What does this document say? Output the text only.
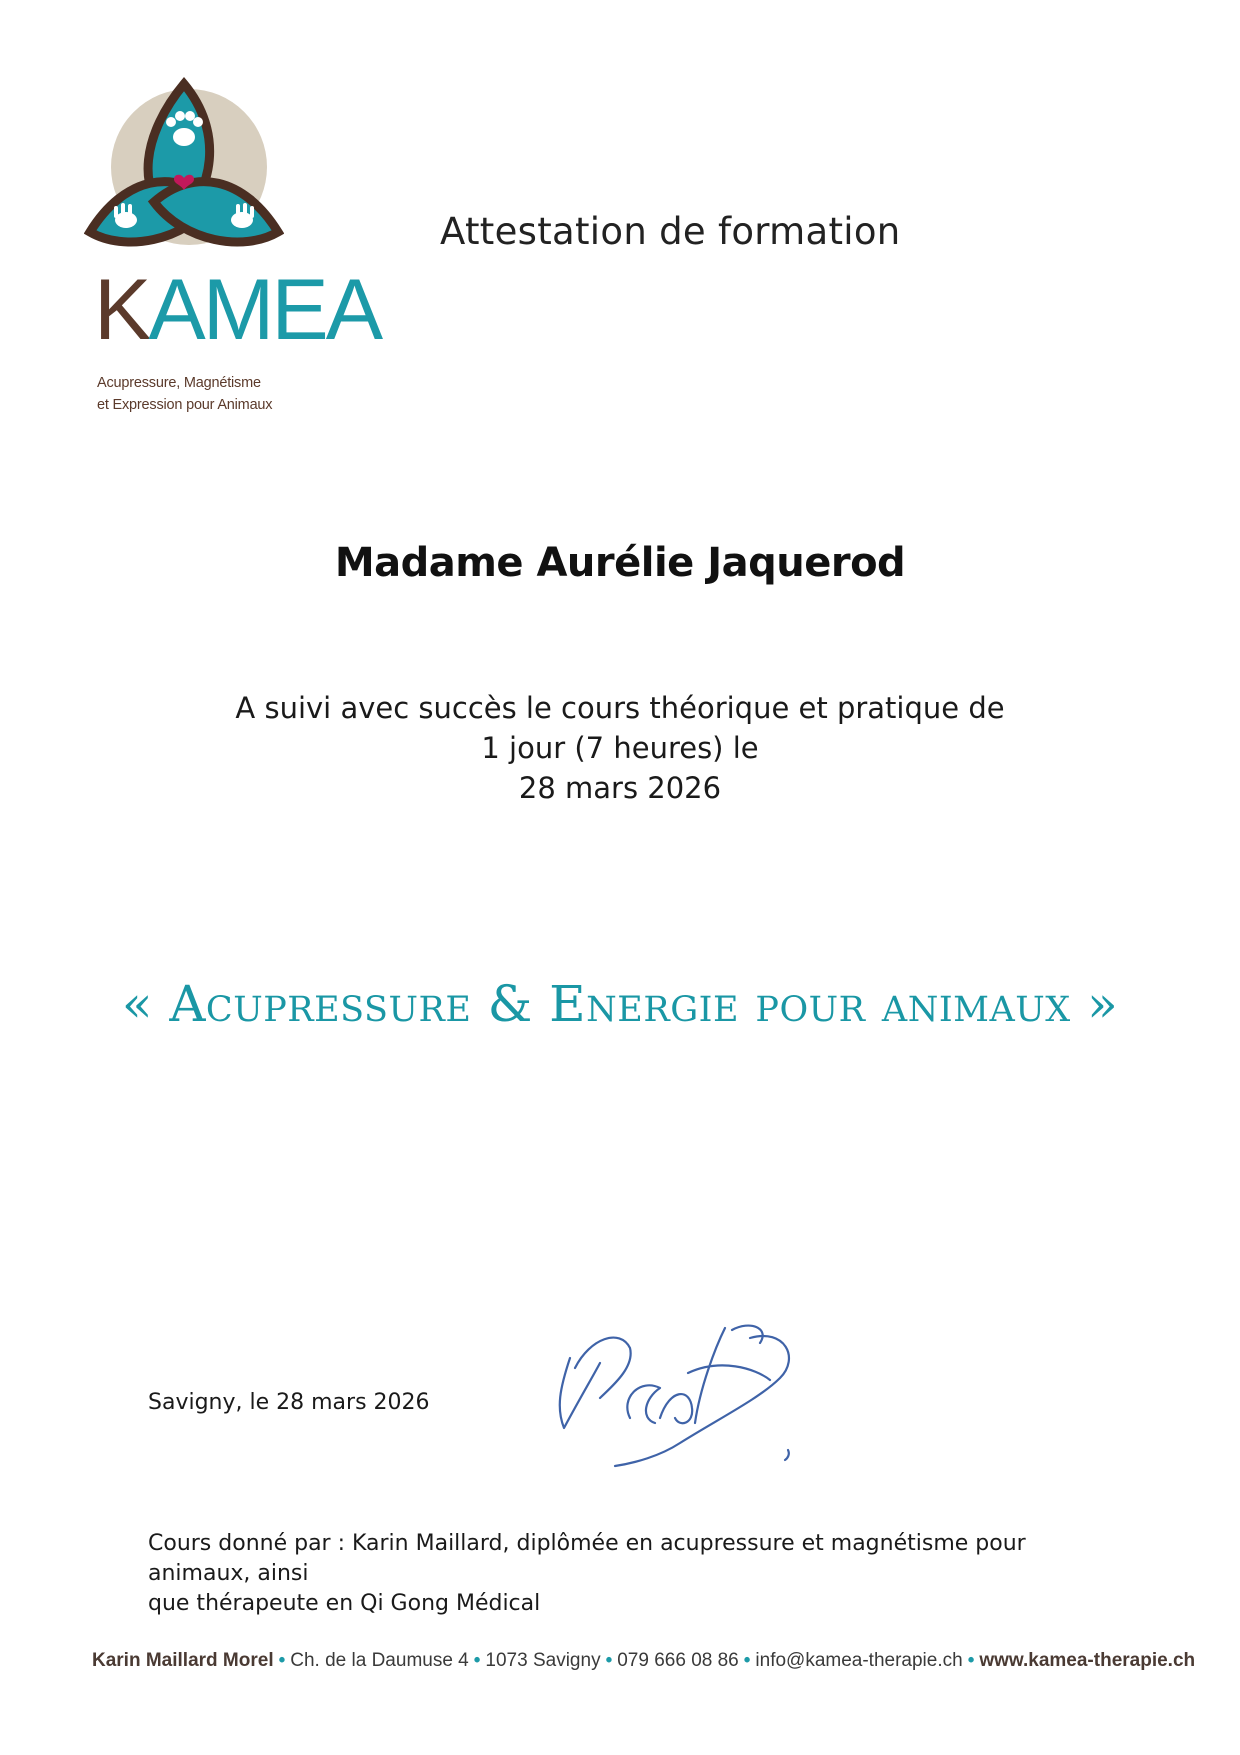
KAMEA
Acupressure, Magnétisme
et Expression pour Animaux
Attestation de formation
Madame Aurélie Jaquerod
A suivi avec succès le cours théorique et pratique de
1 jour (7 heures) le
28 mars 2026
« Acupressure & Energie pour animaux »
Savigny, le 28 mars 2026
Cours donné par : Karin Maillard, diplômée en acupressure et magnétisme pour animaux, ainsi
que thérapeute en Qi Gong Médical
Karin Maillard Morel • Ch. de la Daumuse 4 • 1073 Savigny • 079 666 08 86 • info@kamea-therapie.ch • www.kamea-therapie.ch
